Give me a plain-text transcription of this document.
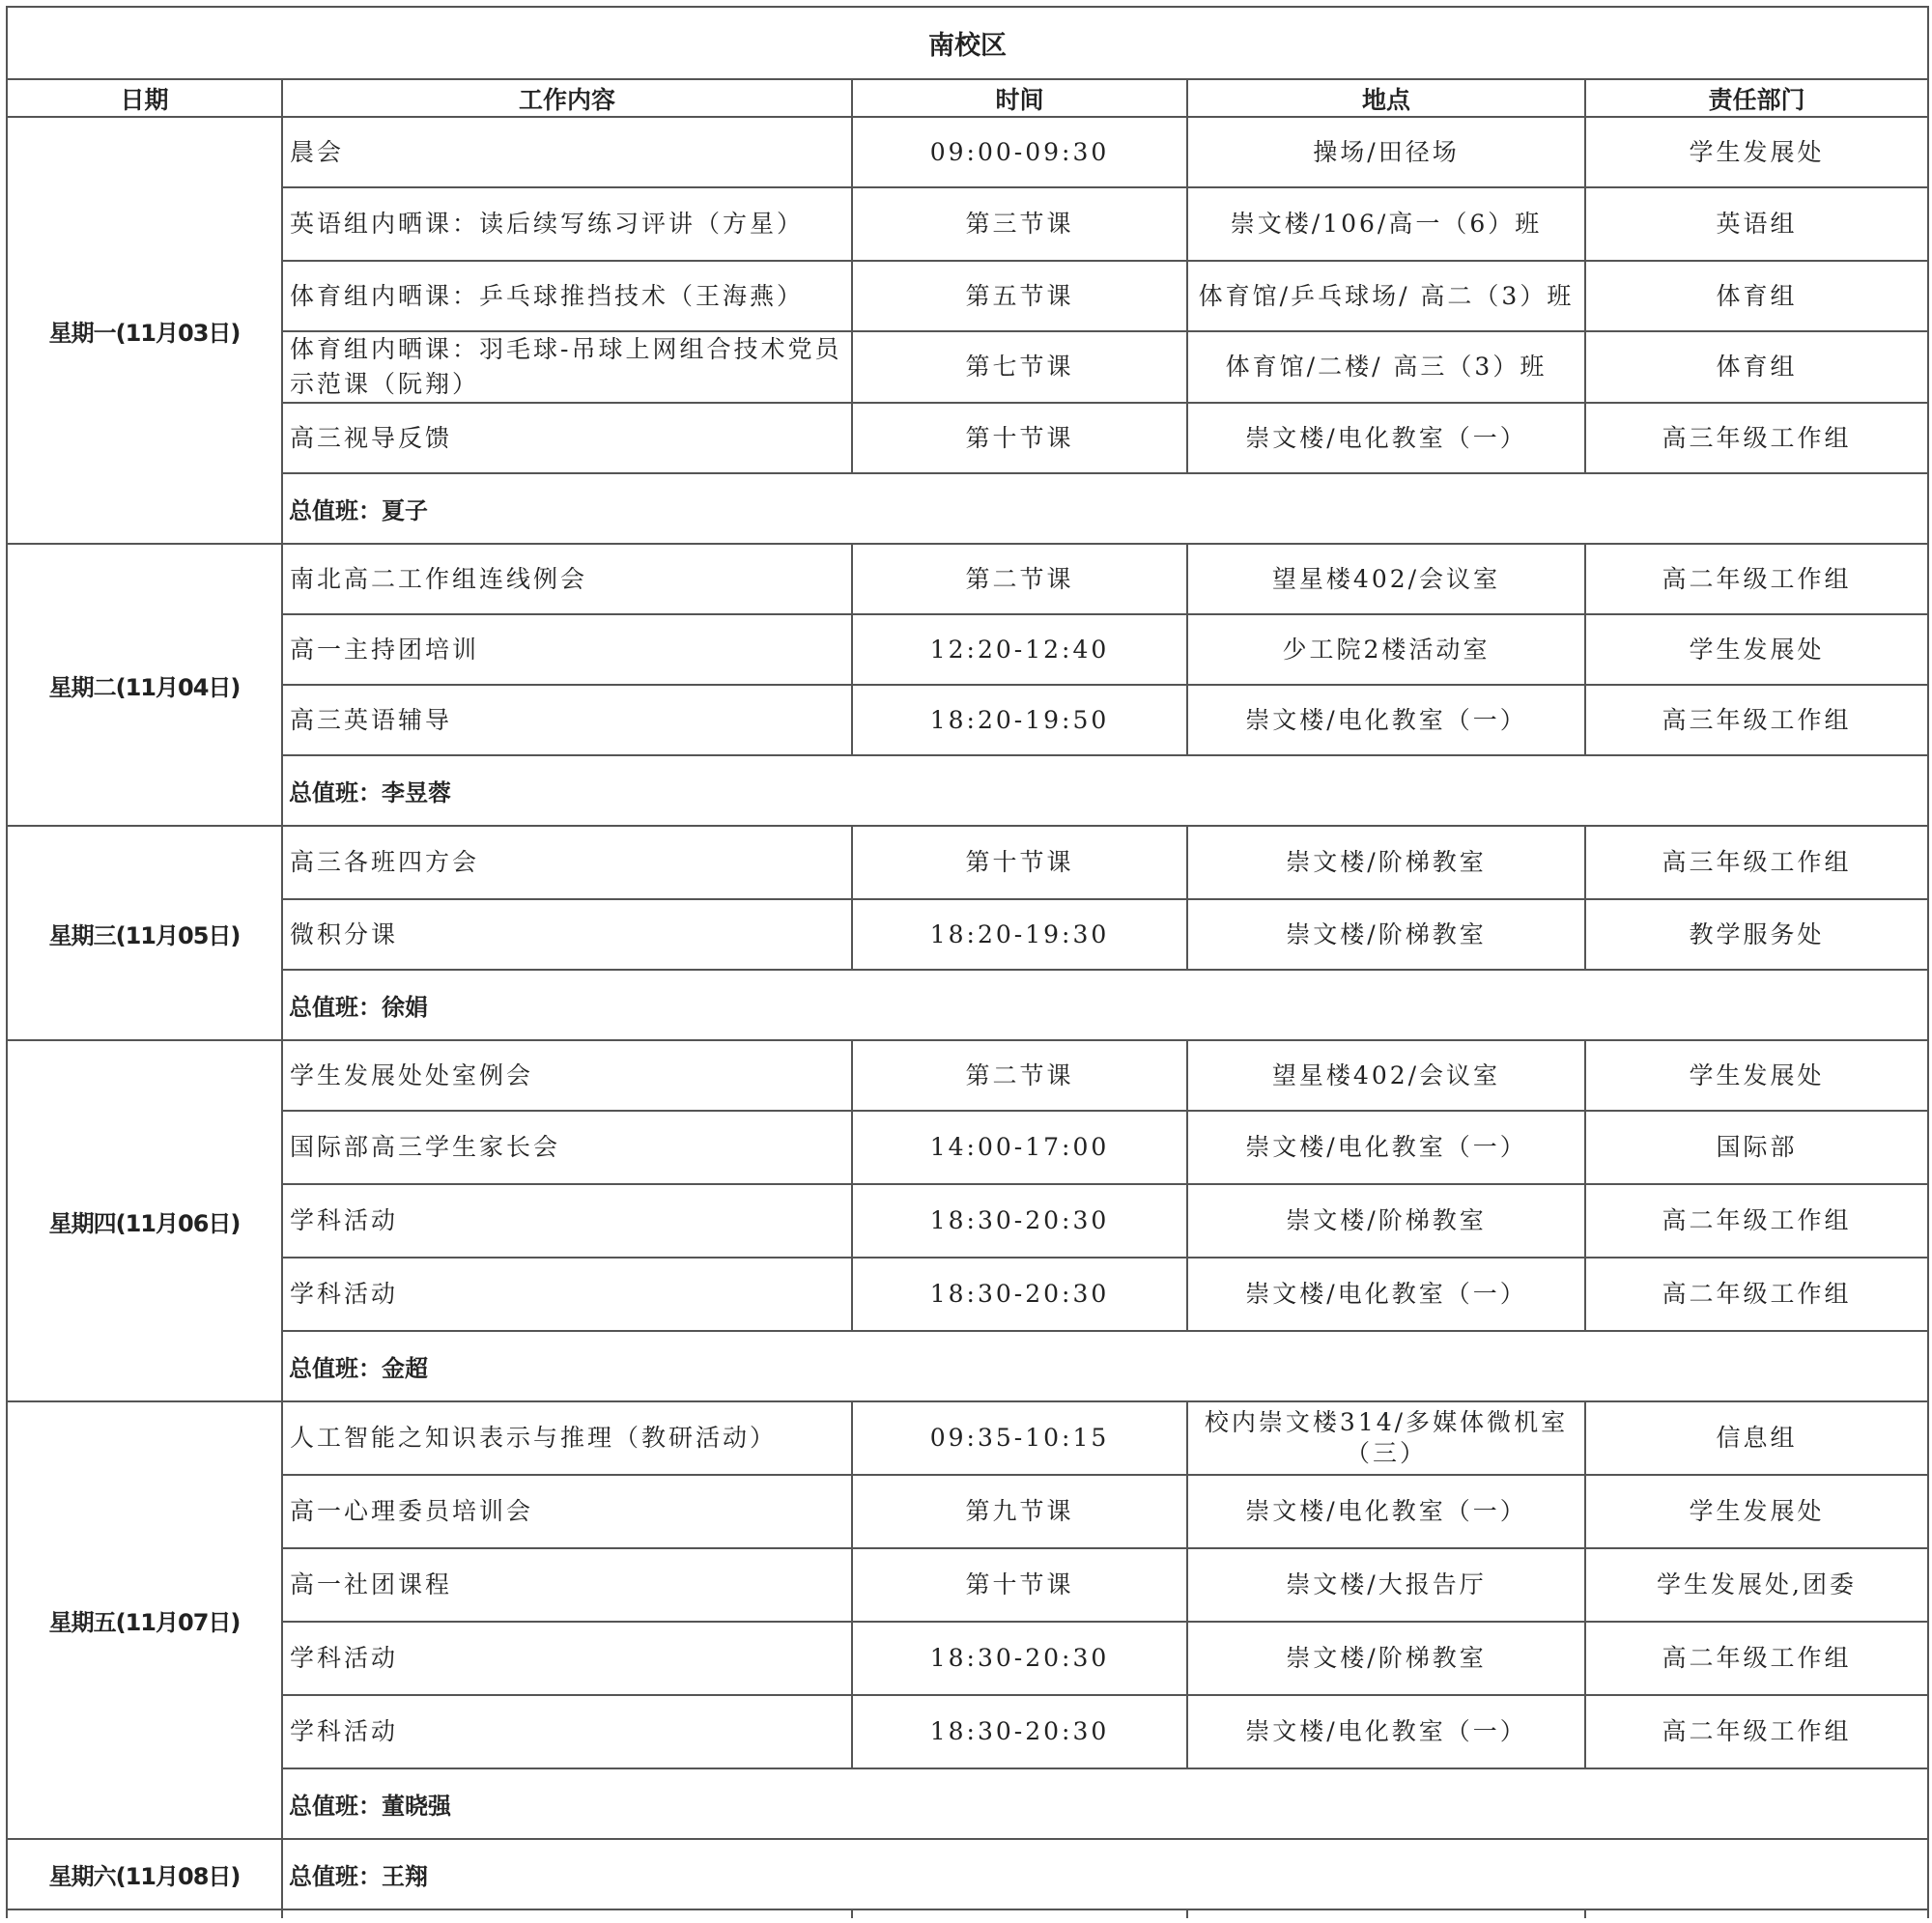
南校区				
日期	工作内容	时间	地点	责任部门
星期一(11月03日)	晨会	09:00-09:30	操场/田径场	学生发展处
	英语组内晒课：读后续写练习评讲（方星）	第三节课	崇文楼/106/高一（6）班	英语组
	体育组内晒课：乒乓球推挡技术（王海燕）	第五节课	体育馆/乒乓球场/ 高二（3）班	体育组
	体育组内晒课：羽毛球-吊球上网组合技术党员示范课（阮翔）	第七节课	体育馆/二楼/ 高三（3）班	体育组
	高三视导反馈	第十节课	崇文楼/电化教室（一）	高三年级工作组
	总值班：夏子			
星期二(11月04日)	南北高二工作组连线例会	第二节课	望星楼402/会议室	高二年级工作组
	高一主持团培训	12:20-12:40	少工院2楼活动室	学生发展处
	高三英语辅导	18:20-19:50	崇文楼/电化教室（一）	高三年级工作组
	总值班：李昱蓉			
星期三(11月05日)	高三各班四方会	第十节课	崇文楼/阶梯教室	高三年级工作组
	微积分课	18:20-19:30	崇文楼/阶梯教室	教学服务处
	总值班：徐娟			
星期四(11月06日)	学生发展处处室例会	第二节课	望星楼402/会议室	学生发展处
	国际部高三学生家长会	14:00-17:00	崇文楼/电化教室（一）	国际部
	学科活动	18:30-20:30	崇文楼/阶梯教室	高二年级工作组
	学科活动	18:30-20:30	崇文楼/电化教室（一）	高二年级工作组
	总值班：金超			
星期五(11月07日)	人工智能之知识表示与推理（教研活动）	09:35-10:15	校内崇文楼314/多媒体微机室（三）	信息组
	高一心理委员培训会	第九节课	崇文楼/电化教室（一）	学生发展处
	高一社团课程	第十节课	崇文楼/大报告厅	学生发展处,团委
	学科活动	18:30-20:30	崇文楼/阶梯教室	高二年级工作组
	学科活动	18:30-20:30	崇文楼/电化教室（一）	高二年级工作组
	总值班：董晓强			
星期六(11月08日)	总值班：王翔			
